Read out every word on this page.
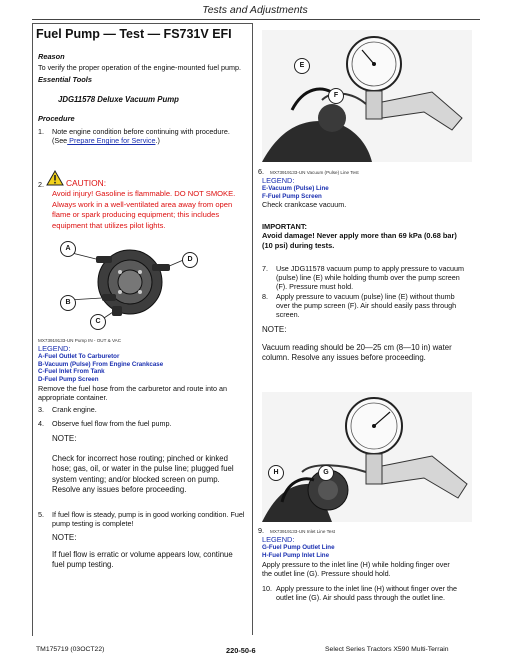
Tests and Adjustments
Fuel Pump — Test — FS731V EFI
Reason
To verify the proper operation of the engine-mounted fuel pump.
Essential Tools
JDG11578 Deluxe Vacuum Pump
Procedure
1. Note engine condition before continuing with procedure.
(See Prepare Engine for Service.)
2.	CAUTION:
Avoid injury! Gasoline is flammable. DO NOT SMOKE.
Always work in a well-ventilated area away from open
flame or spark producing equipment; this includes
equipment that utilizes pilot lights.
A
D
B
C
MX73919133-UN Pump IN - OUT & VAC
LEGEND:
A-Fuel Outlet To Carburetor
B-Vacuum (Pulse) From Engine Crankcase
C-Fuel Inlet From Tank
D-Fuel Pump Screen
Remove the fuel hose from the carburetor and route into an
appropriate container.
3. Crank engine.
4. Observe fuel flow from the fuel pump.
NOTE:
Check for incorrect hose routing; pinched or kinked
hose; gas, oil, or water in the pulse line; plugged fuel
system venting; and/or blocked screen on pump.
Resolve any issues before proceeding.
5. If fuel flow is steady, pump is in good working condition. Fuel
pump testing is complete!
NOTE:
If fuel flow is erratic or volume appears low, continue
fuel pump testing.
E
F
6. MX73919133-UN Vacuum (Pulse) Line Test
LEGEND:
E-Vacuum (Pulse) Line
F-Fuel Pump Screen
Check crankcase vacuum.
IMPORTANT:
Avoid damage! Never apply more than 69 kPa (0.68 bar)
(10 psi) during tests.
7. Use JDG11578 vacuum pump to apply pressure to vacuum
(pulse) line (E) while holding thumb over the pump screen
(F). Pressure must hold.
8. Apply pressure to vacuum (pulse) line (E) without thumb
over the pump screen (F). Air should easily pass through
screen.
NOTE:
Vacuum reading should be 20—25 cm (8—10 in) water
column. Resolve any issues before proceeding.
G
H
9. MX73919133-UN Inlet Line Test
LEGEND:
G-Fuel Pump Outlet Line
H-Fuel Pump Inlet Line
Apply pressure to the inlet line (H) while holding finger over
the outlet line (G). Pressure should hold.
10. Apply pressure to the inlet line (H) without finger over the
outlet line (G). Air should pass through the outlet line.
TM175719 (03OCT22)	220-50-6	Select Series Tractors X590 Multi-Terrain
